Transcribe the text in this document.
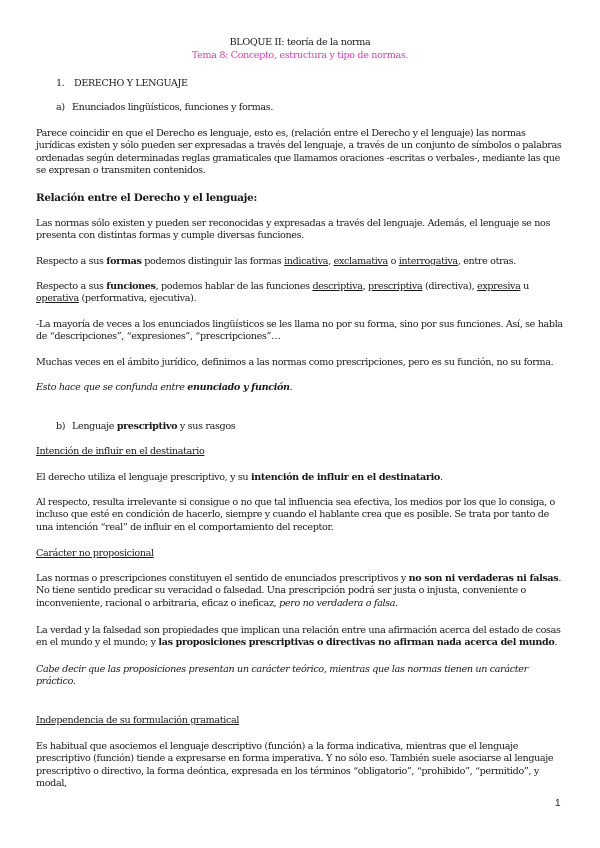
BLOQUE II: teoría de la norma

Tema 8: Concepto, estructura y tipo de normas.

1. DERECHO Y LENGUAJE

a) Enunciados lingüísticos, funciones y formas.

Parece coincidir en que el Derecho es lenguaje, esto es, (relación entre el Derecho y el lenguaje) las normas jurídicas existen y sólo pueden ser expresadas a través del lenguaje, a través de un conjunto de símbolos o palabras ordenadas según determinadas reglas gramaticales que llamamos oraciones -escritas o verbales-, mediante las que se expresan o transmiten contenidos.

Relación entre el Derecho y el lenguaje:

Las normas sólo existen y pueden ser reconocidas y expresadas a través del lenguaje. Además, el lenguaje se nos presenta con distintas formas y cumple diversas funciones.

Respecto a sus formas podemos distinguir las formas indicativa, exclamativa o interrogativa, entre otras.

Respecto a sus funciones, podemos hablar de las funciones descriptiva, prescriptiva (directiva), expresiva u operativa (performativa, ejecutiva).

-La mayoría de veces a los enunciados lingüísticos se les llama no por su forma, sino por sus funciones. Así, se habla de “descripciones”, “expresiones”, “prescripciones”…

Muchas veces en el ámbito jurídico, definimos a las normas como prescripciones, pero es su función, no su forma.

Esto hace que se confunda entre enunciado y función.

b) Lenguaje prescriptivo y sus rasgos

Intención de influir en el destinatario

El derecho utiliza el lenguaje prescriptivo, y su intención de influir en el destinatario.

Al respecto, resulta irrelevante si consigue o no que tal influencia sea efectiva, los medios por los que lo consiga, o incluso que esté en condición de hacerlo, siempre y cuando el hablante crea que es posible. Se trata por tanto de una intención “real” de influir en el comportamiento del receptor.

Carácter no proposicional

Las normas o prescripciones constituyen el sentido de enunciados prescriptivos y no son ni verdaderas ni falsas. No tiene sentido predicar su veracidad o falsedad. Una prescripción podrá ser justa o injusta, conveniente o inconveniente, racional o arbitraria, eficaz o ineficaz, pero no verdadera o falsa.

La verdad y la falsedad son propiedades que implican una relación entre una afirmación acerca del estado de cosas en el mundo y el mundo; y las proposiciones prescriptivas o directivas no afirman nada acerca del mundo.

Cabe decir que las proposiciones presentan un carácter teórico, mientras que las normas tienen un carácter práctico.

Independencia de su formulación gramatical

Es habitual que asociemos el lenguaje descriptivo (función) a la forma indicativa, mientras que el lenguaje prescriptivo (función) tiende a expresarse en forma imperativa. Y no sólo eso. También suele asociarse al lenguaje prescriptivo o directivo, la forma deóntica, expresada en los términos “obligatorio”, “prohibido”, “permitido”, y modal,

1
